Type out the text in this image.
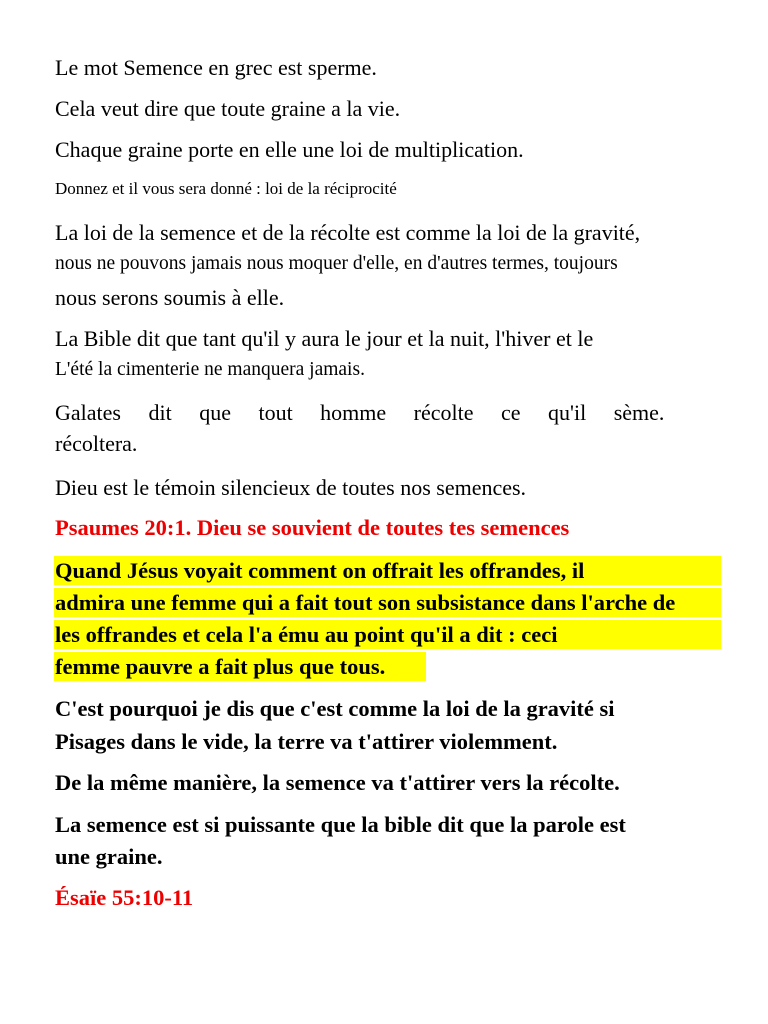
Le mot Semence en grec est sperme.

Cela veut dire que toute graine a la vie.

Chaque graine porte en elle une loi de multiplication.

Donnez et il vous sera donné : loi de la réciprocité

La loi de la semence et de la récolte est comme la loi de la gravité,

nous ne pouvons jamais nous moquer d'elle, en d'autres termes, toujours

nous serons soumis à elle.

La Bible dit que tant qu'il y aura le jour et la nuit, l'hiver et le

L'été la cimenterie ne manquera jamais.

Galates dit que tout homme récolte ce qu'il sème.

récoltera.

Dieu est le témoin silencieux de toutes nos semences.

Psaumes 20:1. Dieu se souvient de toutes tes semences

Quand Jésus voyait comment on offrait les offrandes, il

admira une femme qui a fait tout son subsistance dans l'arche de

les offrandes et cela l'a ému au point qu'il a dit : ceci

femme pauvre a fait plus que tous.

C'est pourquoi je dis que c'est comme la loi de la gravité si

Pisages dans le vide, la terre va t'attirer violemment.

De la même manière, la semence va t'attirer vers la récolte.

La semence est si puissante que la bible dit que la parole est

une graine.

Ésaïe 55:10-11
